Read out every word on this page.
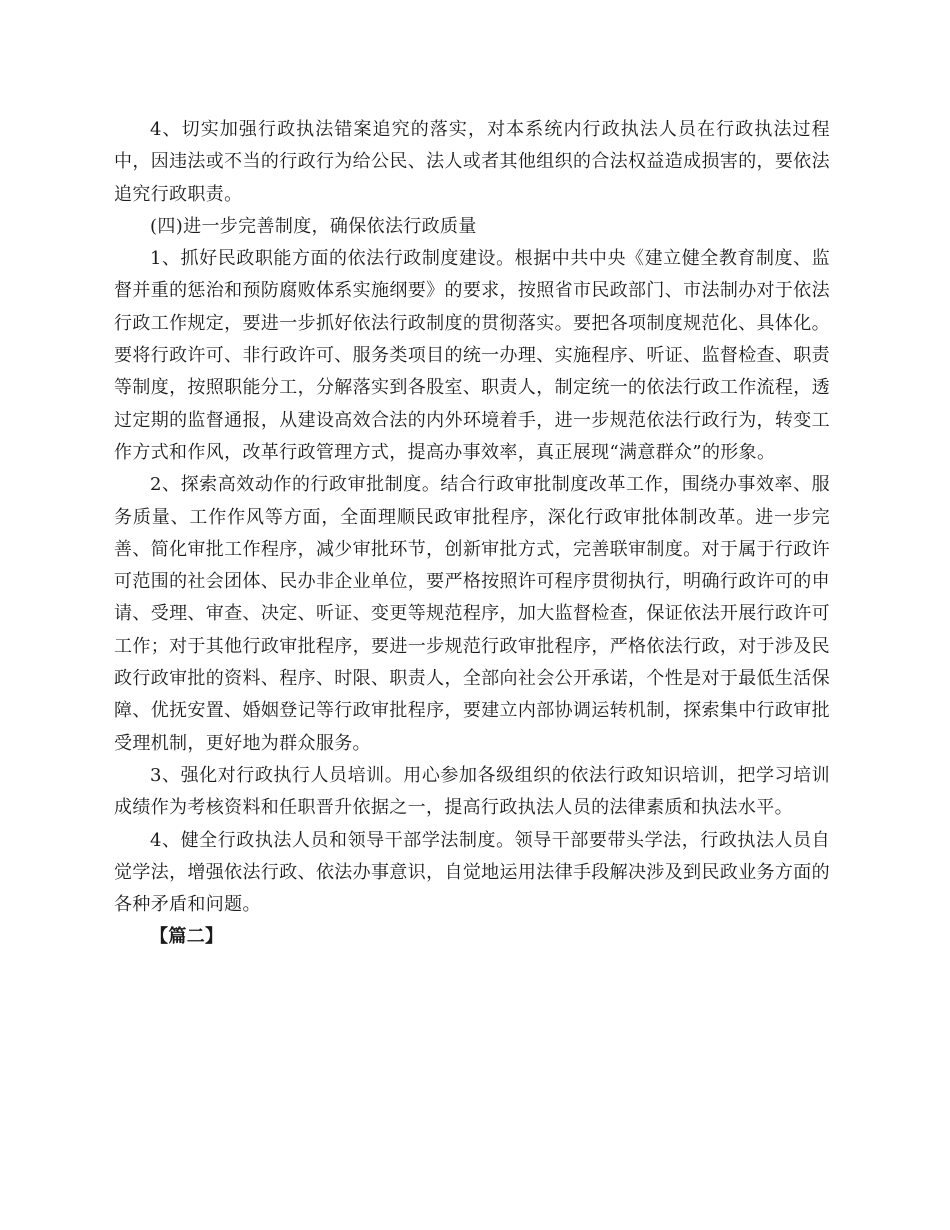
4、切实加强行政执法错案追究的落实，对本系统内行政执法人员在行政执法过程中，因违法或不当的行政行为给公民、法人或者其他组织的合法权益造成损害的，要依法追究行政职责。

(四)进一步完善制度，确保依法行政质量

1、抓好民政职能方面的依法行政制度建设。根据中共中央《建立健全教育制度、监督并重的惩治和预防腐败体系实施纲要》的要求，按照省市民政部门、市法制办对于依法行政工作规定，要进一步抓好依法行政制度的贯彻落实。要把各项制度规范化、具体化。要将行政许可、非行政许可、服务类项目的统一办理、实施程序、听证、监督检查、职责等制度，按照职能分工，分解落实到各股室、职责人，制定统一的依法行政工作流程，透过定期的监督通报，从建设高效合法的内外环境着手，进一步规范依法行政行为，转变工作方式和作风，改革行政管理方式，提高办事效率，真正展现“满意群众”的形象。

2、探索高效动作的行政审批制度。结合行政审批制度改革工作，围绕办事效率、服务质量、工作作风等方面，全面理顺民政审批程序，深化行政审批体制改革。进一步完善、简化审批工作程序，减少审批环节，创新审批方式，完善联审制度。对于属于行政许可范围的社会团体、民办非企业单位，要严格按照许可程序贯彻执行，明确行政许可的申请、受理、审查、决定、听证、变更等规范程序，加大监督检查，保证依法开展行政许可工作；对于其他行政审批程序，要进一步规范行政审批程序，严格依法行政，对于涉及民政行政审批的资料、程序、时限、职责人，全部向社会公开承诺，个性是对于最低生活保障、优抚安置、婚姻登记等行政审批程序，要建立内部协调运转机制，探索集中行政审批受理机制，更好地为群众服务。

3、强化对行政执行人员培训。用心参加各级组织的依法行政知识培训，把学习培训成绩作为考核资料和任职晋升依据之一，提高行政执法人员的法律素质和执法水平。

4、健全行政执法人员和领导干部学法制度。领导干部要带头学法，行政执法人员自觉学法，增强依法行政、依法办事意识，自觉地运用法律手段解决涉及到民政业务方面的各种矛盾和问题。

【篇二】
